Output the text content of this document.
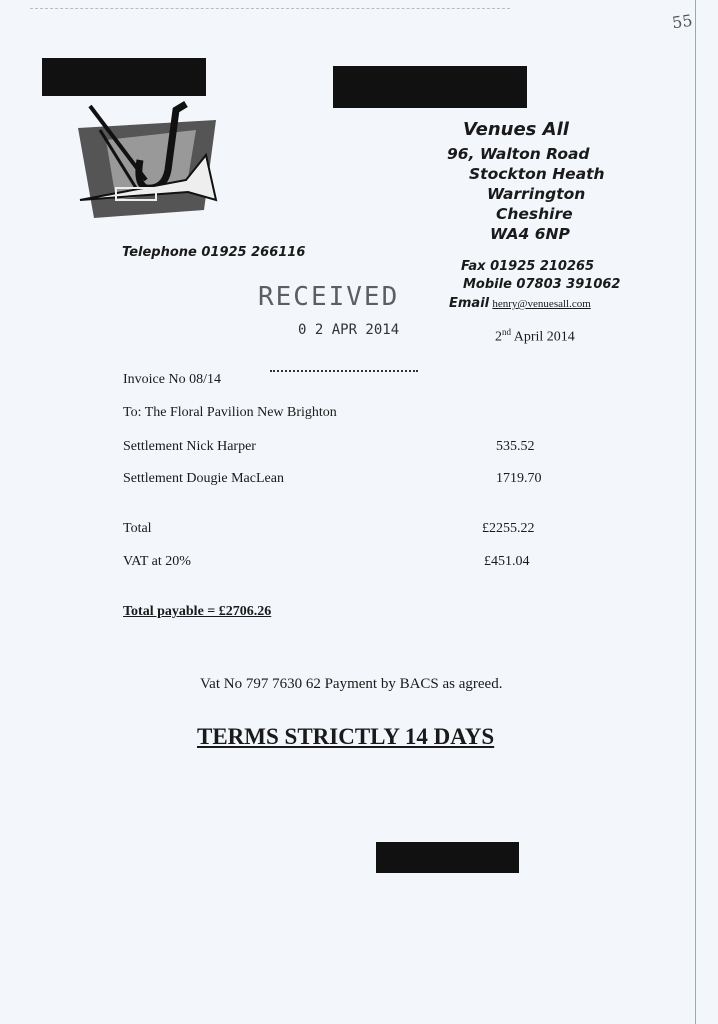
55
Venues All
96, Walton Road
Stockton Heath
Warrington
Cheshire
WA4 6NP
Telephone 01925 266116
Fax 01925 210265
Mobile 07803 391062
Email henry@venuesall.com
RECEIVED
0 2 APR 2014	2nd April 2014
Invoice No 08/14
To: The Floral Pavilion New Brighton
Settlement Nick Harper	535.52
Settlement Dougie MacLean	1719.70
Total	£2255.22
VAT at 20%	£451.04
Total payable = £2706.26
Vat No 797 7630 62 Payment by BACS as agreed.
TERMS STRICTLY 14 DAYS
